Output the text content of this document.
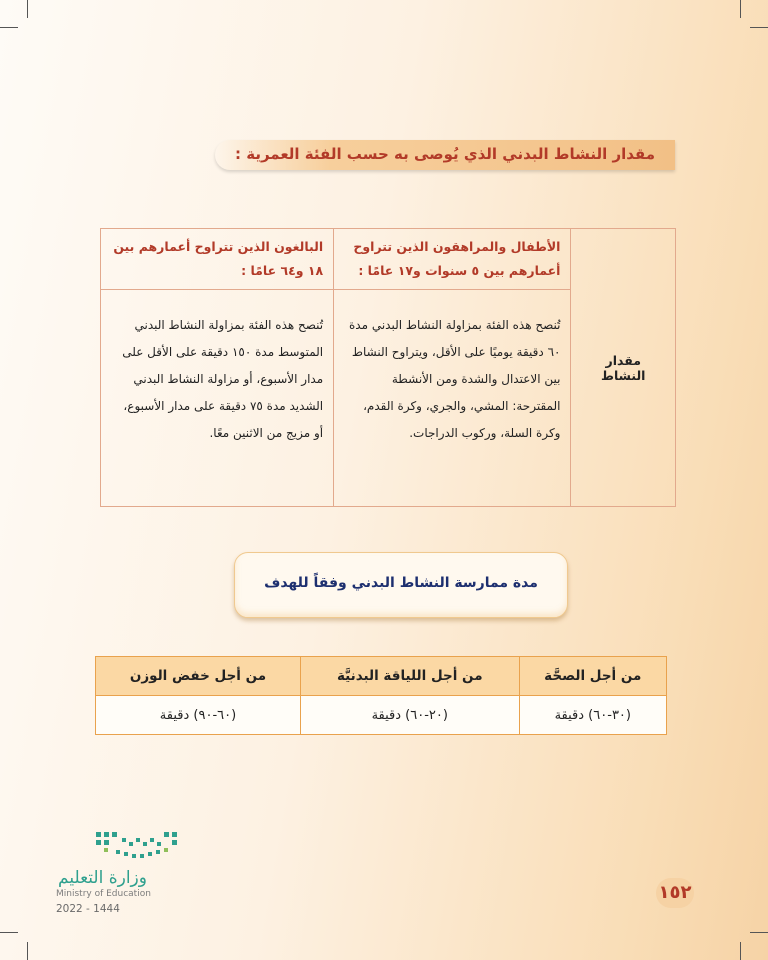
مقدار النشاط البدني الذي يُوصى به حسب الفئة العمرية :
مقدار النشاط	الأطفال والمراهقون الذين تتراوح أعمارهم بين ٥ سنوات و١٧ عامًا :	البالغون الذين تتراوح أعمارهم بين ١٨ و٦٤ عامًا :
	تُنصح هذه الفئة بمزاولة النشاط البدني مدة ٦٠ دقيقة يوميًا على الأقل، ويتراوح النشاط بين الاعتدال والشدة ومن الأنشطة المقترحة: المشي، والجري، وكرة القدم، وكرة السلة، وركوب الدراجات.	تُنصح هذه الفئة بمزاولة النشاط البدني المتوسط مدة ١٥٠ دقيقة على الأقل على مدار الأسبوع، أو مزاولة النشاط البدني الشديد مدة ٧٥ دقيقة على مدار الأسبوع، أو مزيج من الاثنين معًا.
مدة ممارسة النشاط البدني وفقاً للهدف
من أجل الصحَّة	من أجل اللياقة البدنيَّة	من أجل خفض الوزن
(٣٠-٦٠) دقيقة	(٢٠-٦٠) دقيقة	(٦٠-٩٠) دقيقة
وزارة التعليم
Ministry of Education
2022 - 1444
١٥٢
